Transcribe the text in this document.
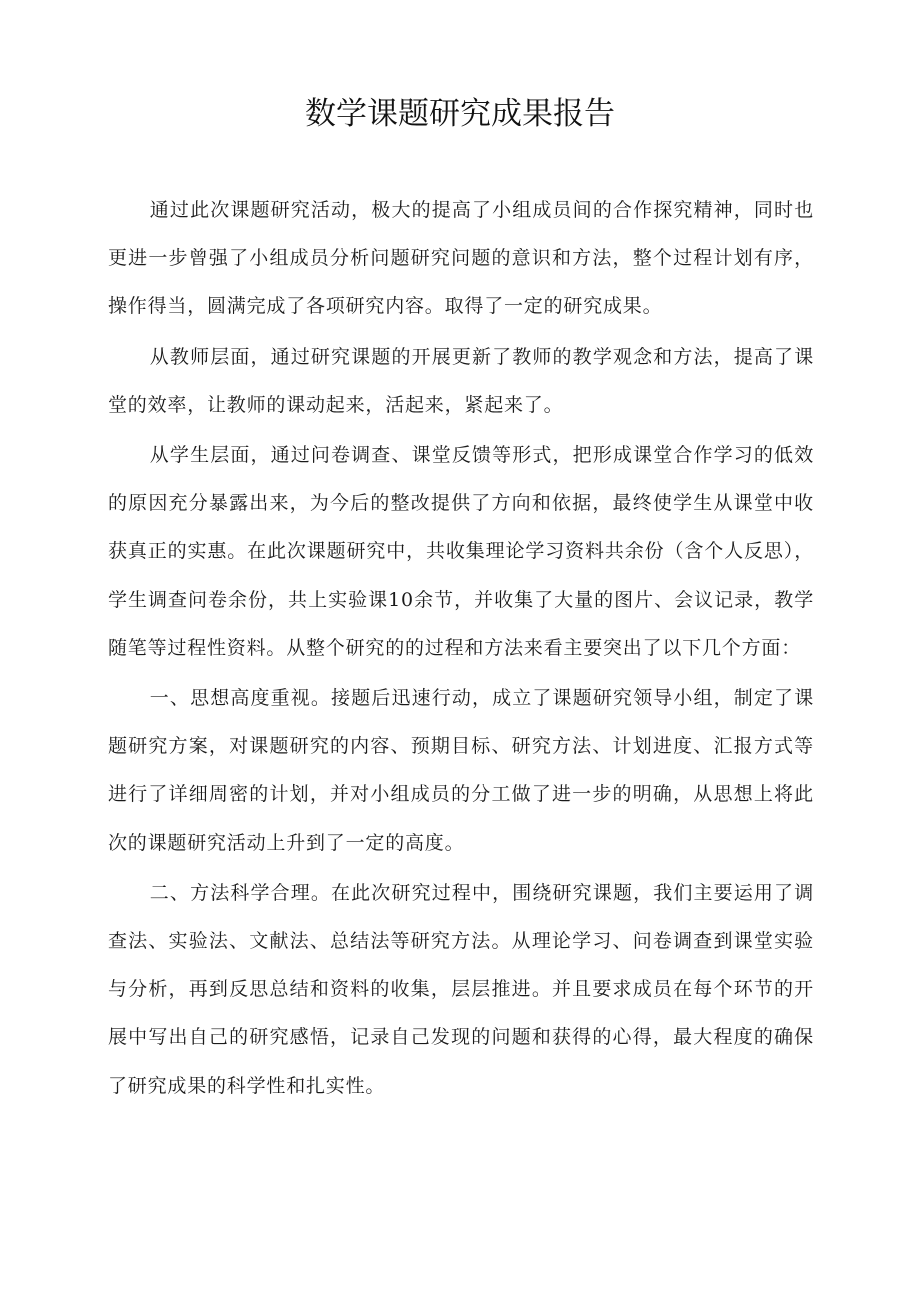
数学课题研究成果报告

通过此次课题研究活动，极大的提高了小组成员间的合作探究精神，同时也更进一步曾强了小组成员分析问题研究问题的意识和方法，整个过程计划有序，操作得当，圆满完成了各项研究内容。取得了一定的研究成果。

从教师层面，通过研究课题的开展更新了教师的教学观念和方法，提高了课堂的效率，让教师的课动起来，活起来，紧起来了。

从学生层面，通过问卷调查、课堂反馈等形式，把形成课堂合作学习的低效的原因充分暴露出来，为今后的整改提供了方向和依据，最终使学生从课堂中收获真正的实惠。在此次课题研究中，共收集理论学习资料共余份（含个人反思），学生调查问卷余份，共上实验课10余节，并收集了大量的图片、会议记录，教学随笔等过程性资料。从整个研究的的过程和方法来看主要突出了以下几个方面：

一、思想高度重视。接题后迅速行动，成立了课题研究领导小组，制定了课题研究方案，对课题研究的内容、预期目标、研究方法、计划进度、汇报方式等进行了详细周密的计划，并对小组成员的分工做了进一步的明确，从思想上将此次的课题研究活动上升到了一定的高度。

二、方法科学合理。在此次研究过程中，围绕研究课题，我们主要运用了调查法、实验法、文献法、总结法等研究方法。从理论学习、问卷调查到课堂实验与分析，再到反思总结和资料的收集，层层推进。并且要求成员在每个环节的开展中写出自己的研究感悟，记录自己发现的问题和获得的心得，最大程度的确保了研究成果的科学性和扎实性。
